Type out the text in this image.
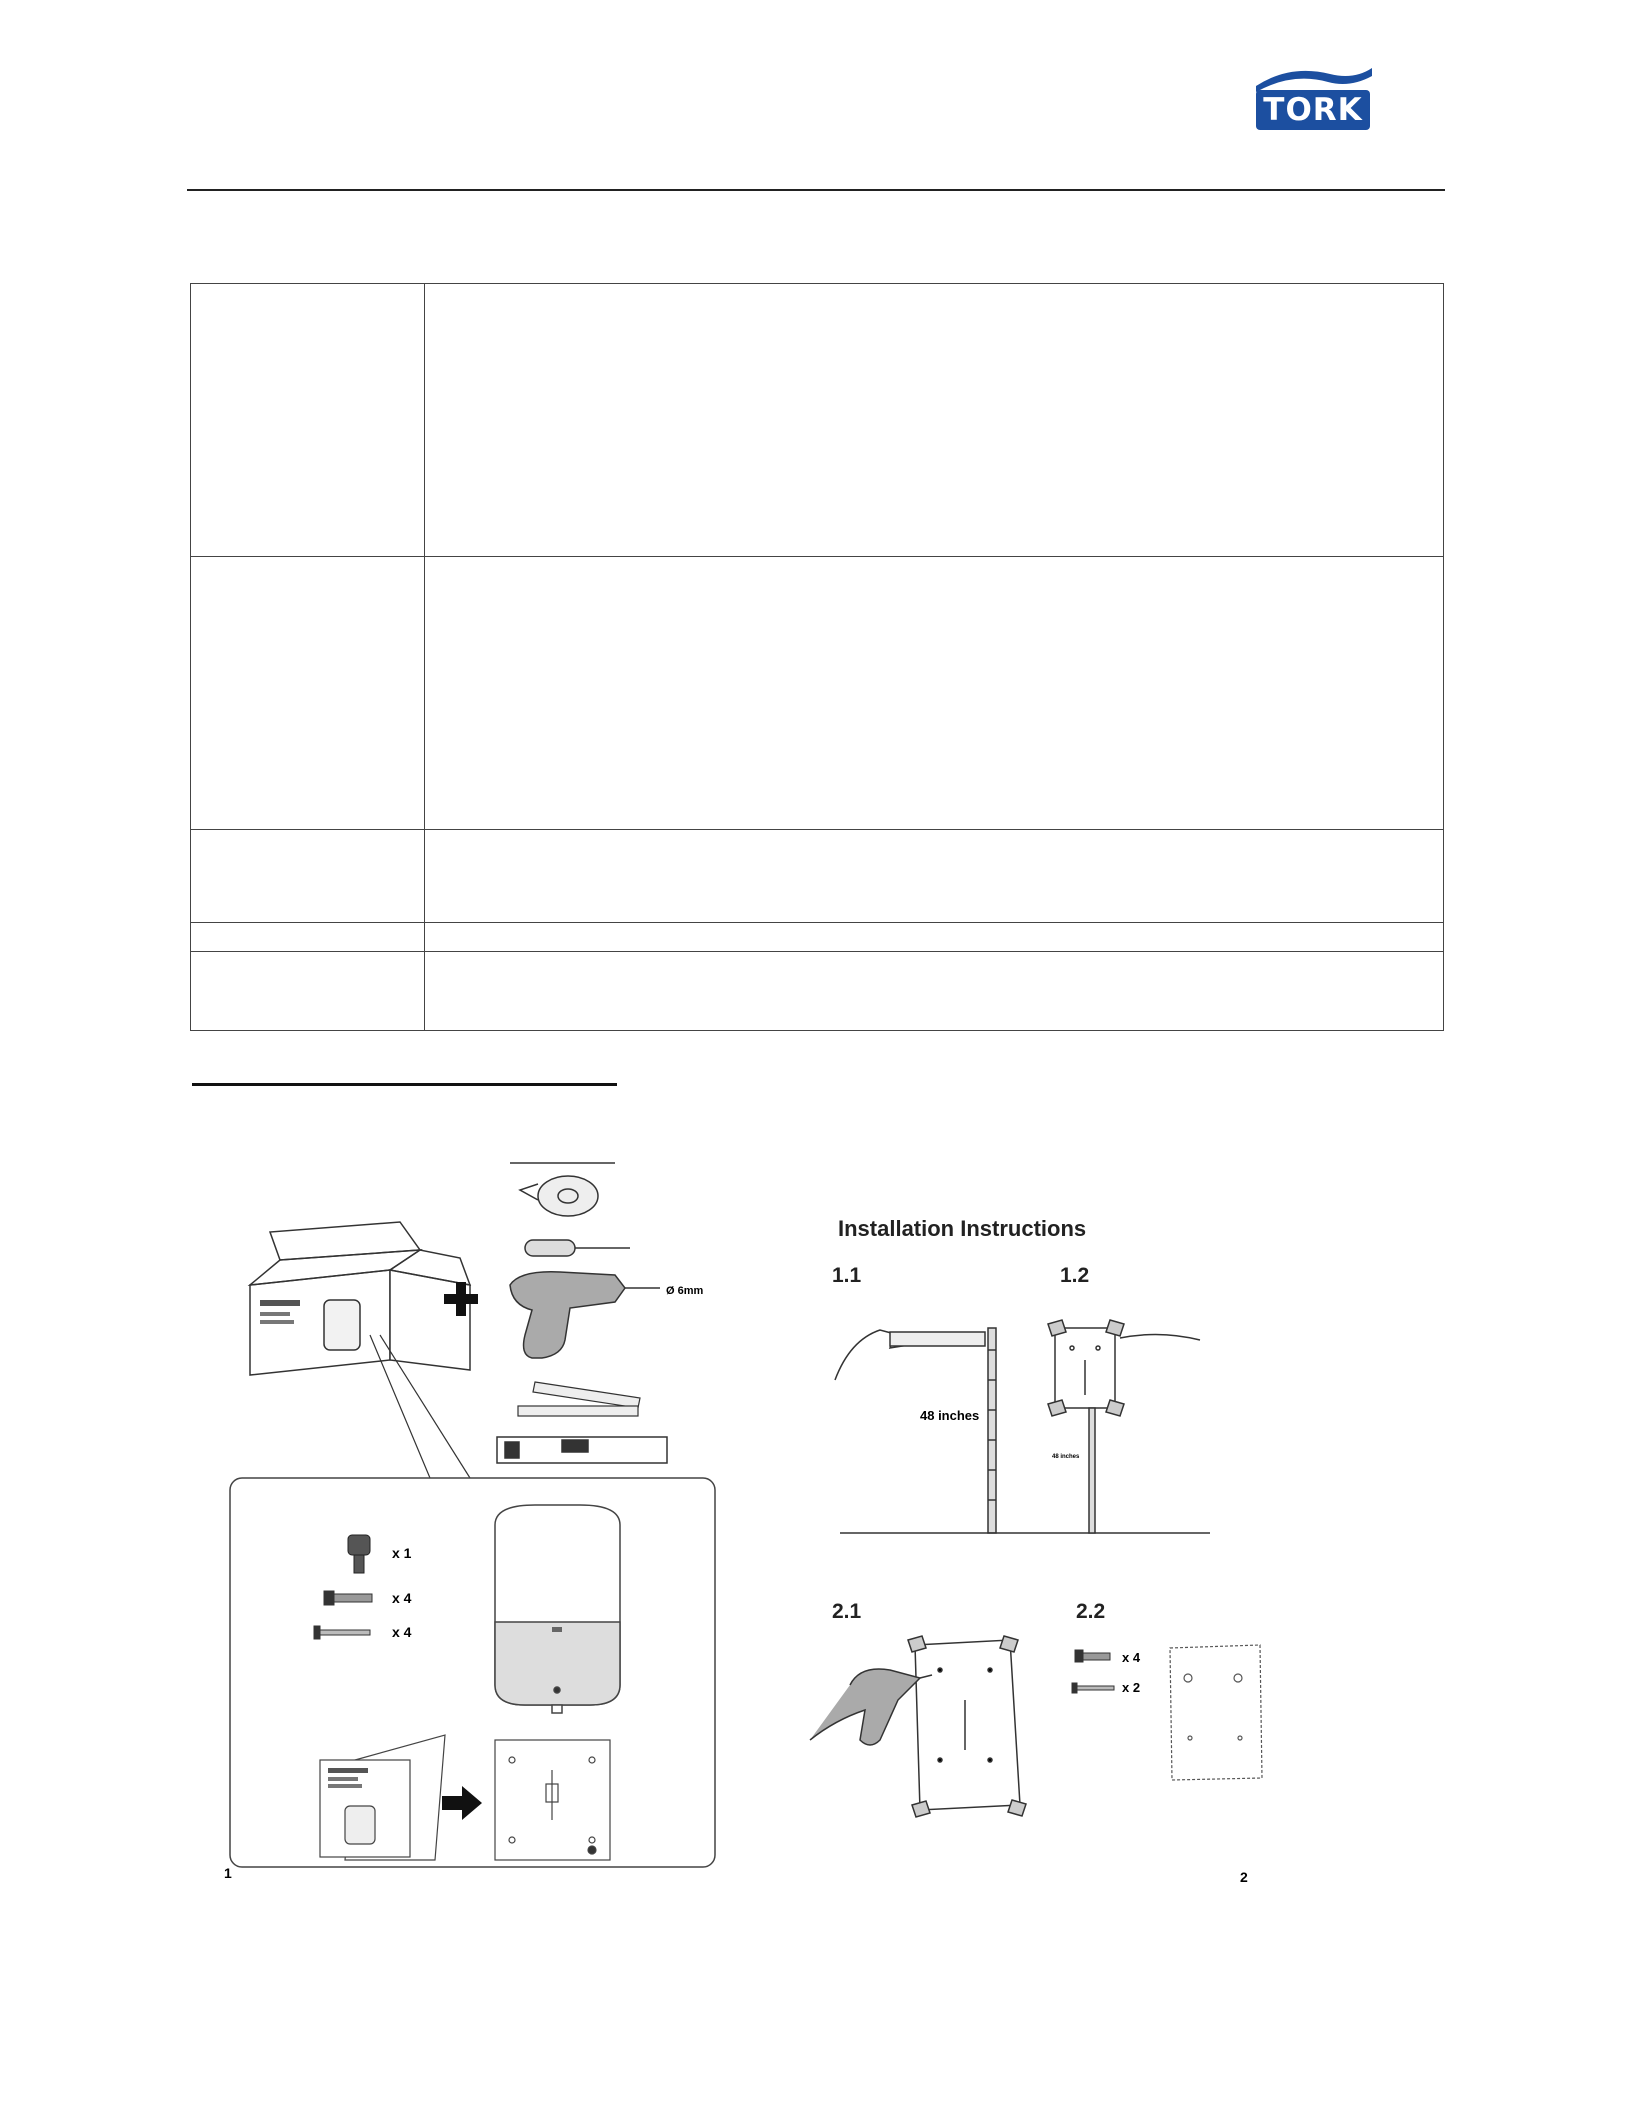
TORK

Ø 6mm
x 1
x 4
x 4
1
Installation Instructions
1.1	1.2
2.1	2.2
48 inches
48 inches
x 4
x 2
2
